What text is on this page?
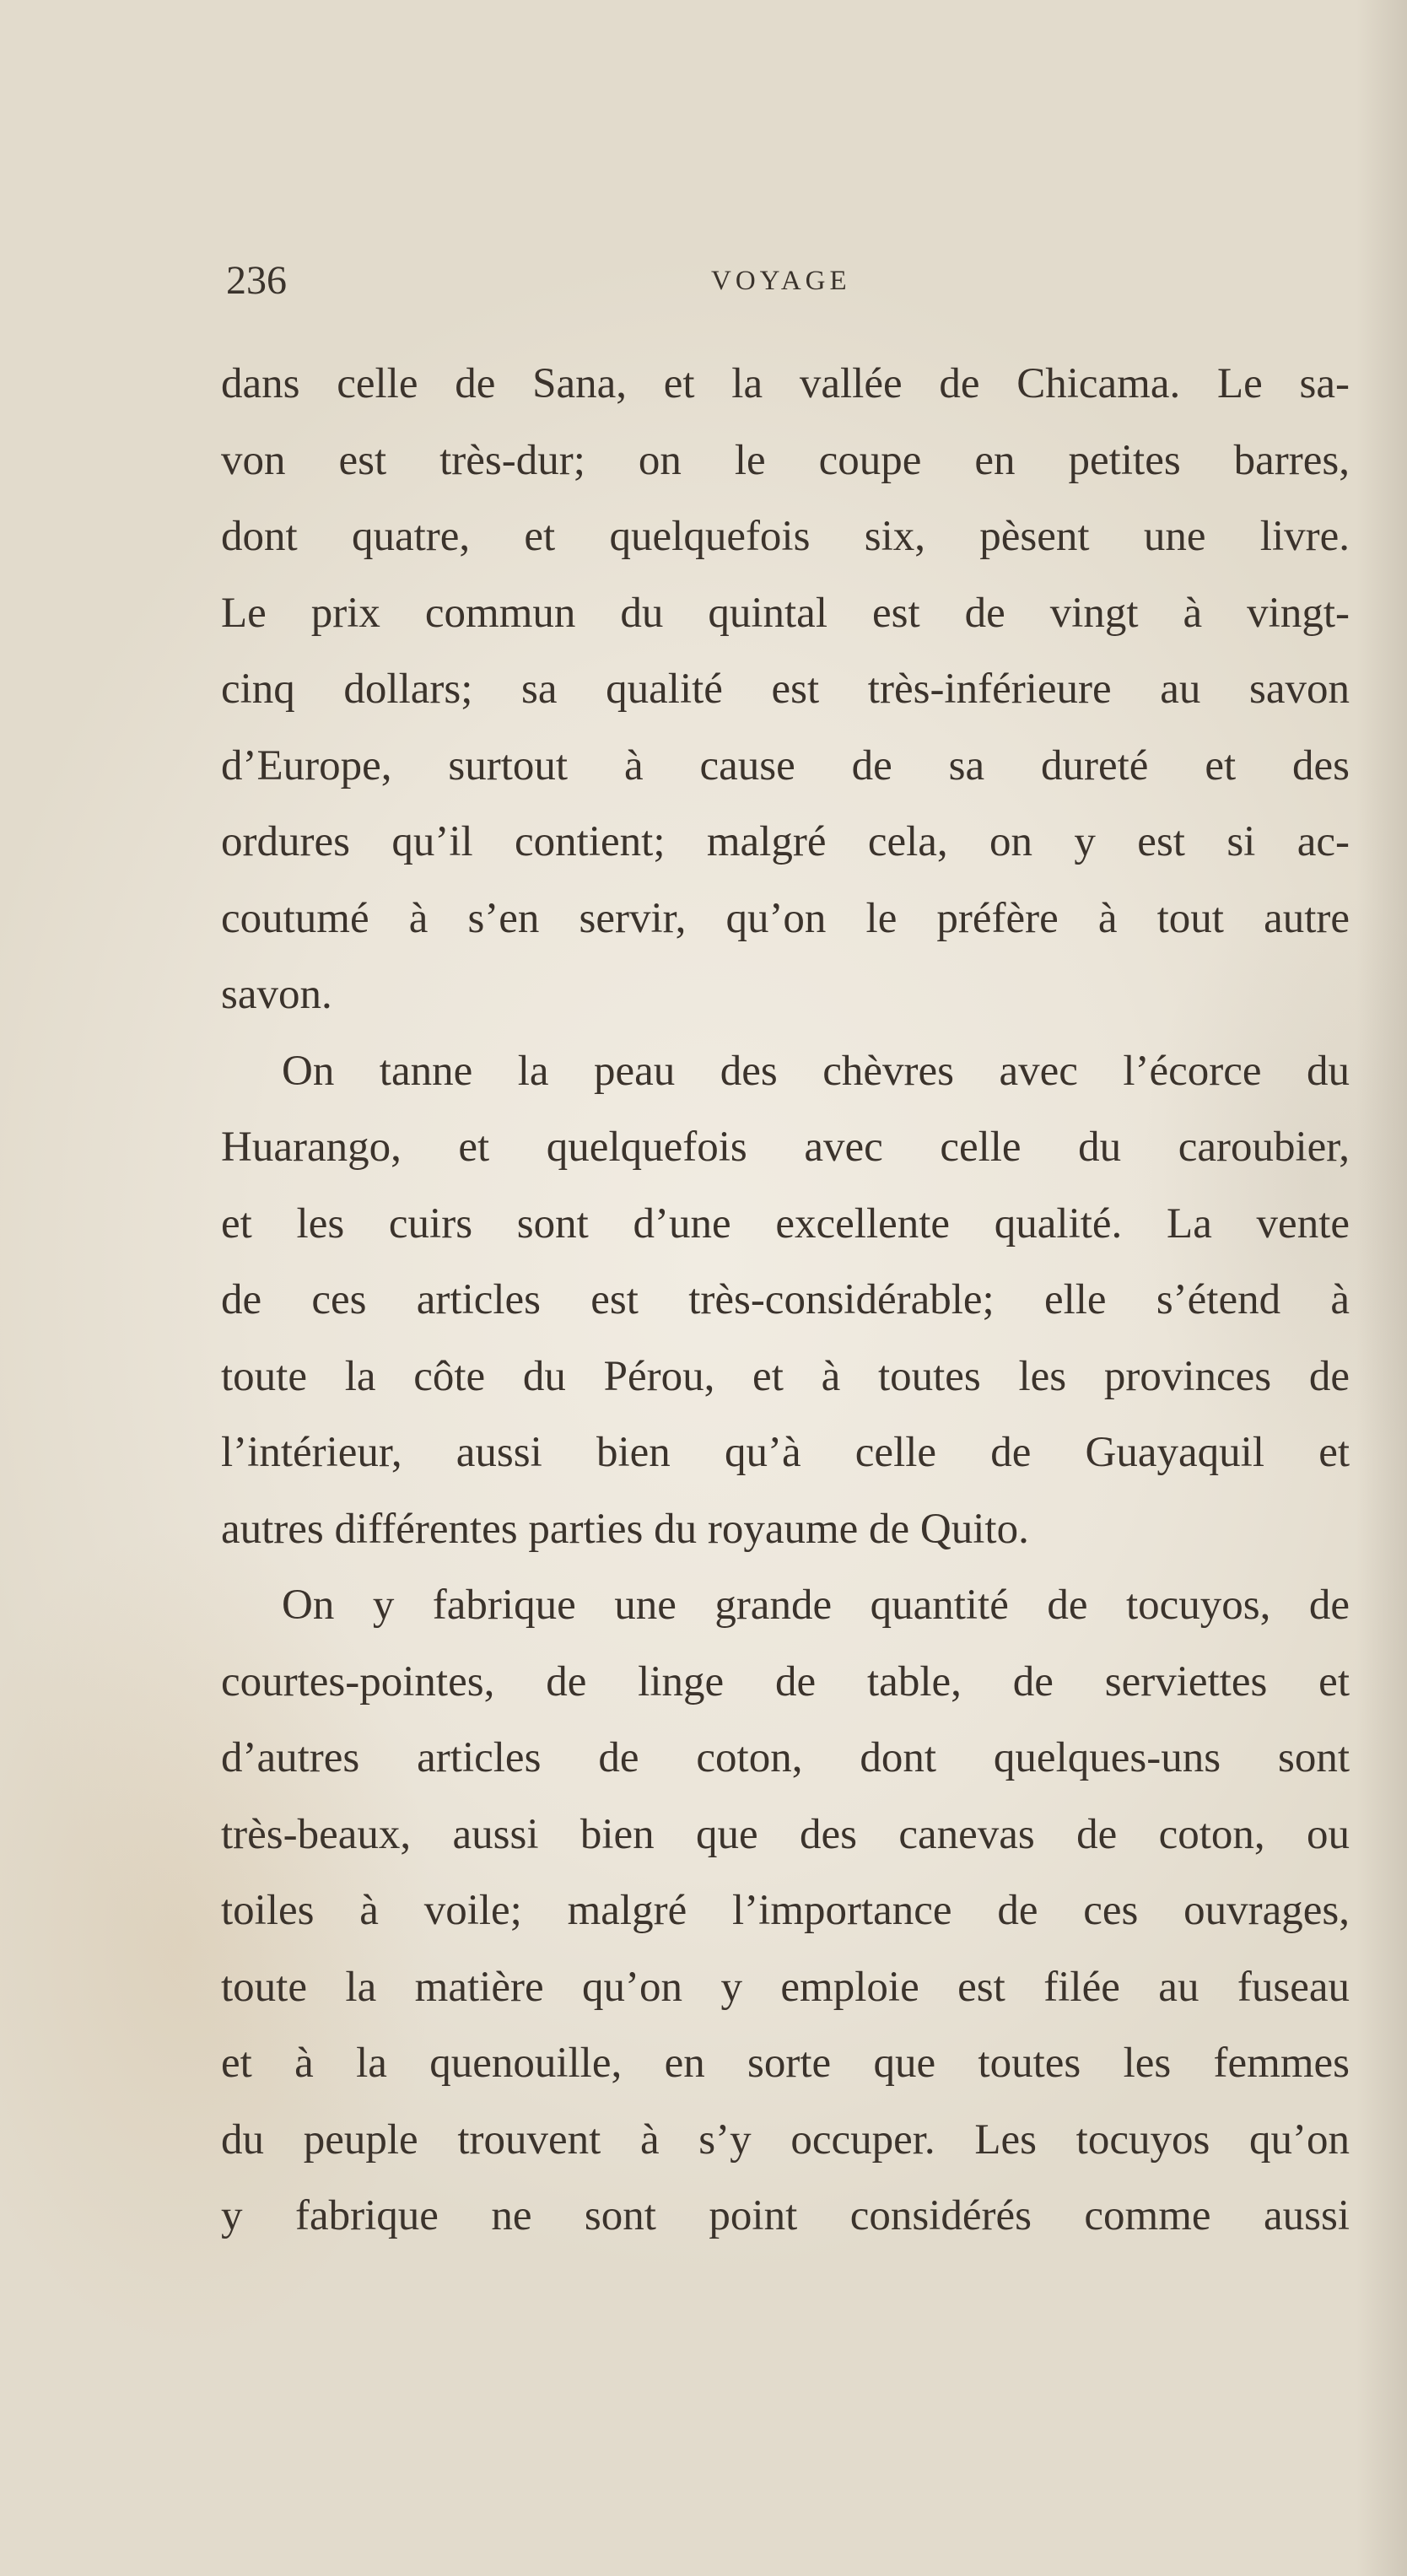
236	VOYAGE
dans celle de Sana, et la vallée de Chicama. Le sa-
von est très-dur; on le coupe en petites barres,
dont quatre, et quelquefois six, pèsent une livre.
Le prix commun du quintal est de vingt à vingt-
cinq dollars; sa qualité est très-inférieure au savon
d’Europe, surtout à cause de sa dureté et des
ordures qu’il contient; malgré cela, on y est si ac-
coutumé à s’en servir, qu’on le préfère à tout autre
savon.
On tanne la peau des chèvres avec l’écorce du
Huarango, et quelquefois avec celle du caroubier,
et les cuirs sont d’une excellente qualité. La vente
de ces articles est très-considérable; elle s’étend à
toute la côte du Pérou, et à toutes les provinces de
l’intérieur, aussi bien qu’à celle de Guayaquil et
autres différentes parties du royaume de Quito.
On y fabrique une grande quantité de tocuyos, de
courtes-pointes, de linge de table, de serviettes et
d’autres articles de coton, dont quelques-uns sont
très-beaux, aussi bien que des canevas de coton, ou
toiles à voile; malgré l’importance de ces ouvrages,
toute la matière qu’on y emploie est filée au fuseau
et à la quenouille, en sorte que toutes les femmes
du peuple trouvent à s’y occuper. Les tocuyos qu’on
y fabrique ne sont point considérés comme aussi
